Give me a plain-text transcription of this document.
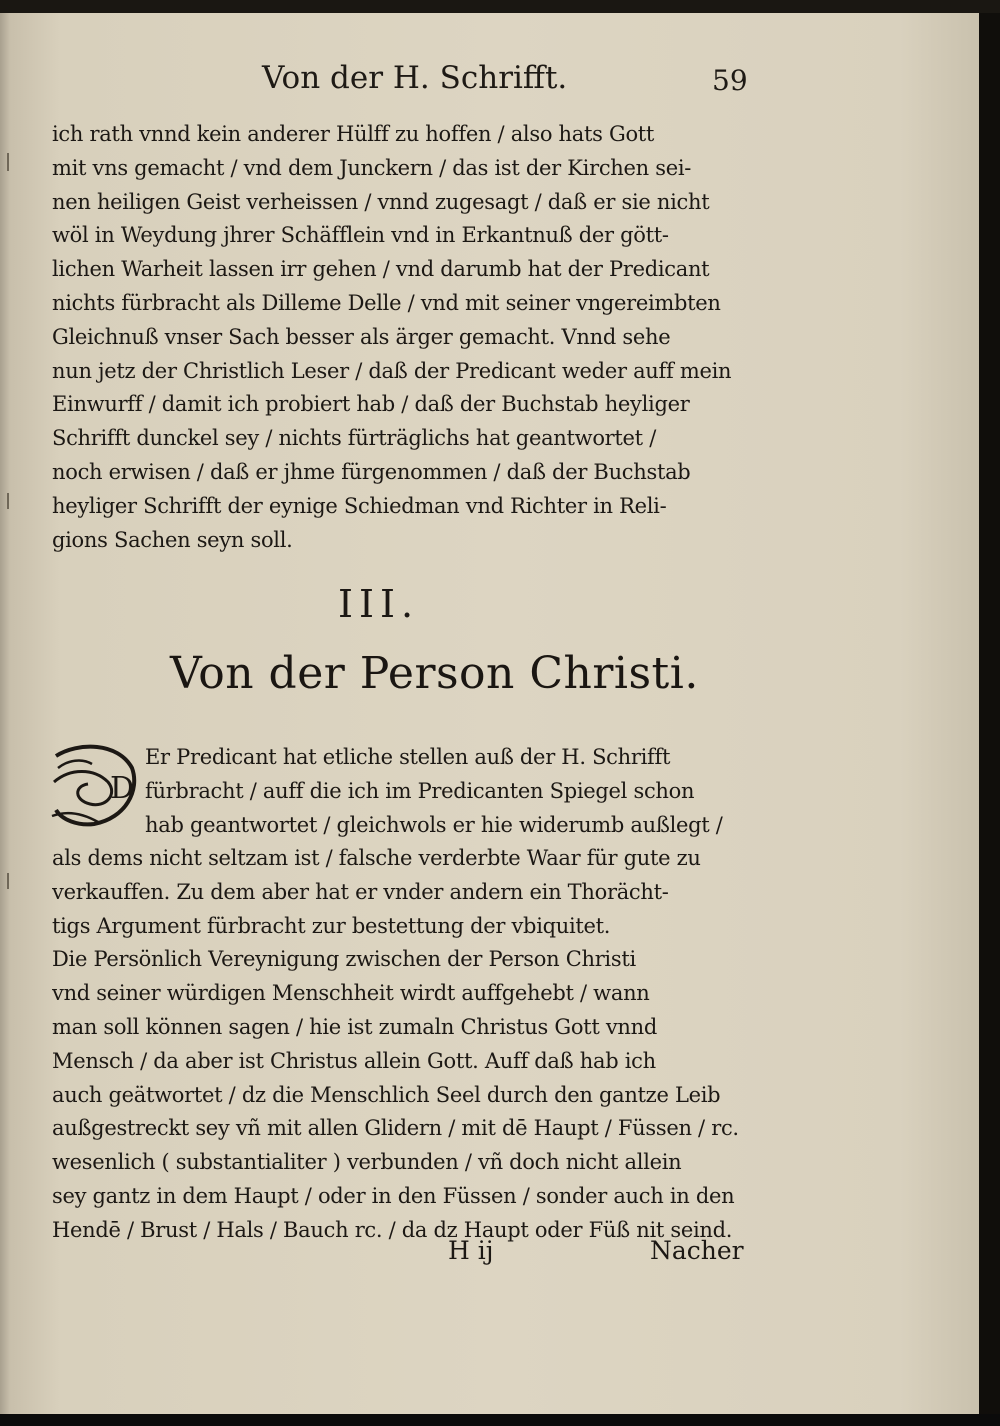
Von der H. Schrifft.	59
ich rath vnnd kein anderer Hülff zu hoffen / also hats Gott
mit vns gemacht / vnd dem Junckern / das ist der Kirchen sei-
nen heiligen Geist verheissen / vnnd zugesagt / daß er sie nicht
wöl in Weydung jhrer Schäfflein vnd in Erkantnuß der gött-
lichen Warheit lassen irr gehen / vnd darumb hat der Predicant
nichts fürbracht als Dilleme Delle / vnd mit seiner vngereimbten
Gleichnuß vnser Sach besser als ärger gemacht. Vnnd sehe
nun jetz der Christlich Leser / daß der Predicant weder auff mein
Einwurff / damit ich probiert hab / daß der Buchstab heyliger
Schrifft dunckel sey / nichts fürträglichs hat geantwortet /
noch erwisen / daß er jhme fürgenommen / daß der Buchstab
heyliger Schrifft der eynige Schiedman vnd Richter in Reli-
gions Sachen seyn soll.
III.
Von der Person Christi.
D
Er Predicant hat etliche stellen auß der H. Schrifft
fürbracht / auff die ich im Predicanten Spiegel schon
hab geantwortet / gleichwols er hie widerumb außlegt /
als dems nicht seltzam ist / falsche verderbte Waar für gute zu
verkauffen. Zu dem aber hat er vnder andern ein Thorächt-
tigs Argument fürbracht zur bestettung der vbiquitet.
Die Persönlich Vereynigung zwischen der Person Christi
vnd seiner würdigen Menschheit wirdt auffgehebt / wann
man soll können sagen / hie ist zumaln Christus Gott vnnd
Mensch / da aber ist Christus allein Gott. Auff daß hab ich
auch geätwortet / dz die Menschlich Seel durch den gantze Leib
außgestreckt sey vñ mit allen Glidern / mit dē Haupt / Füssen / rc.
wesenlich ( substantialiter ) verbunden / vñ doch nicht allein
sey gantz in dem Haupt / oder in den Füssen / sonder auch in den
Hendē / Brust / Hals / Bauch rc. / da dz Haupt oder Füß nit seind.
H ij	Nacher
